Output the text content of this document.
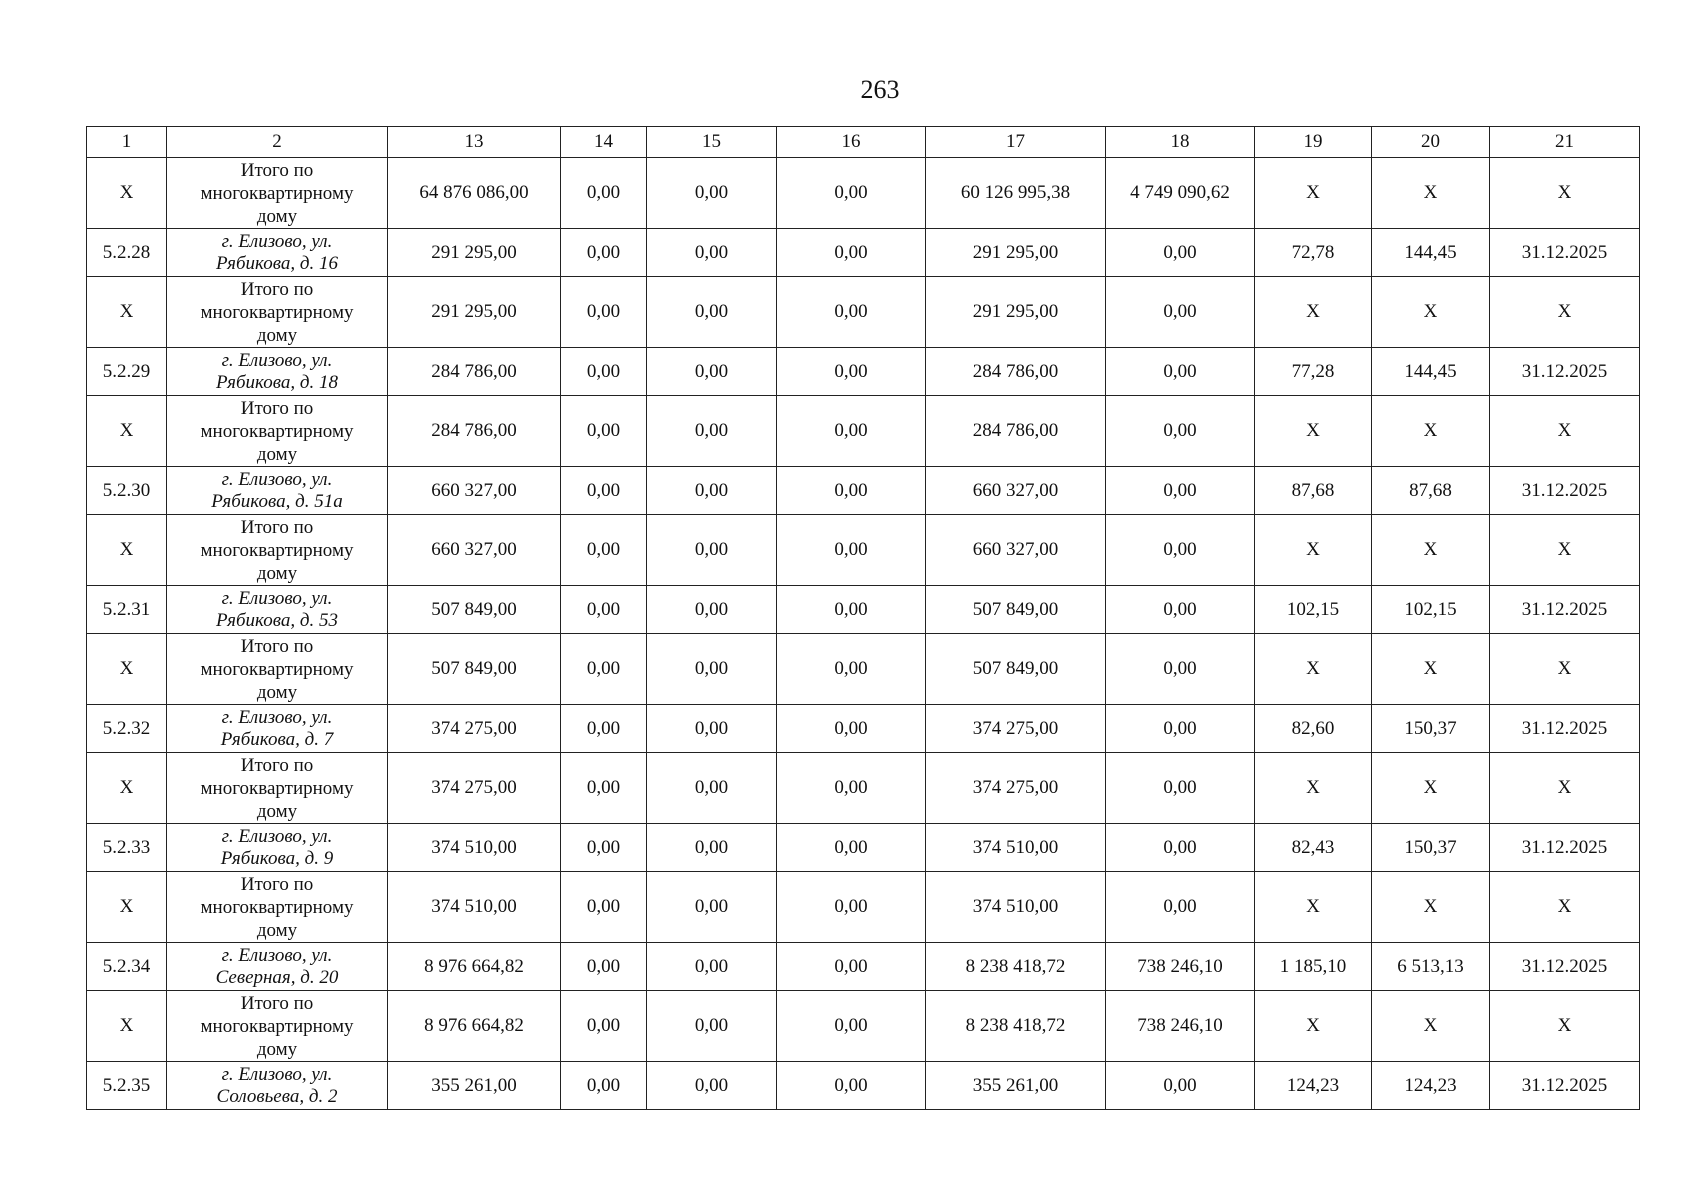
263
1	2	13	14	15	16	17	18	19	20	21
X	Итого по
многоквартирному
дому	64 876 086,00	0,00	0,00	0,00	60 126 995,38	4 749 090,62	X	X	X
5.2.28	г. Елизово, ул.
Рябикова, д. 16	291 295,00	0,00	0,00	0,00	291 295,00	0,00	72,78	144,45	31.12.2025
X	Итого по
многоквартирному
дому	291 295,00	0,00	0,00	0,00	291 295,00	0,00	X	X	X
5.2.29	г. Елизово, ул.
Рябикова, д. 18	284 786,00	0,00	0,00	0,00	284 786,00	0,00	77,28	144,45	31.12.2025
X	Итого по
многоквартирному
дому	284 786,00	0,00	0,00	0,00	284 786,00	0,00	X	X	X
5.2.30	г. Елизово, ул.
Рябикова, д. 51а	660 327,00	0,00	0,00	0,00	660 327,00	0,00	87,68	87,68	31.12.2025
X	Итого по
многоквартирному
дому	660 327,00	0,00	0,00	0,00	660 327,00	0,00	X	X	X
5.2.31	г. Елизово, ул.
Рябикова, д. 53	507 849,00	0,00	0,00	0,00	507 849,00	0,00	102,15	102,15	31.12.2025
X	Итого по
многоквартирному
дому	507 849,00	0,00	0,00	0,00	507 849,00	0,00	X	X	X
5.2.32	г. Елизово, ул.
Рябикова, д. 7	374 275,00	0,00	0,00	0,00	374 275,00	0,00	82,60	150,37	31.12.2025
X	Итого по
многоквартирному
дому	374 275,00	0,00	0,00	0,00	374 275,00	0,00	X	X	X
5.2.33	г. Елизово, ул.
Рябикова, д. 9	374 510,00	0,00	0,00	0,00	374 510,00	0,00	82,43	150,37	31.12.2025
X	Итого по
многоквартирному
дому	374 510,00	0,00	0,00	0,00	374 510,00	0,00	X	X	X
5.2.34	г. Елизово, ул.
Северная, д. 20	8 976 664,82	0,00	0,00	0,00	8 238 418,72	738 246,10	1 185,10	6 513,13	31.12.2025
X	Итого по
многоквартирному
дому	8 976 664,82	0,00	0,00	0,00	8 238 418,72	738 246,10	X	X	X
5.2.35	г. Елизово, ул.
Соловьева, д. 2	355 261,00	0,00	0,00	0,00	355 261,00	0,00	124,23	124,23	31.12.2025
